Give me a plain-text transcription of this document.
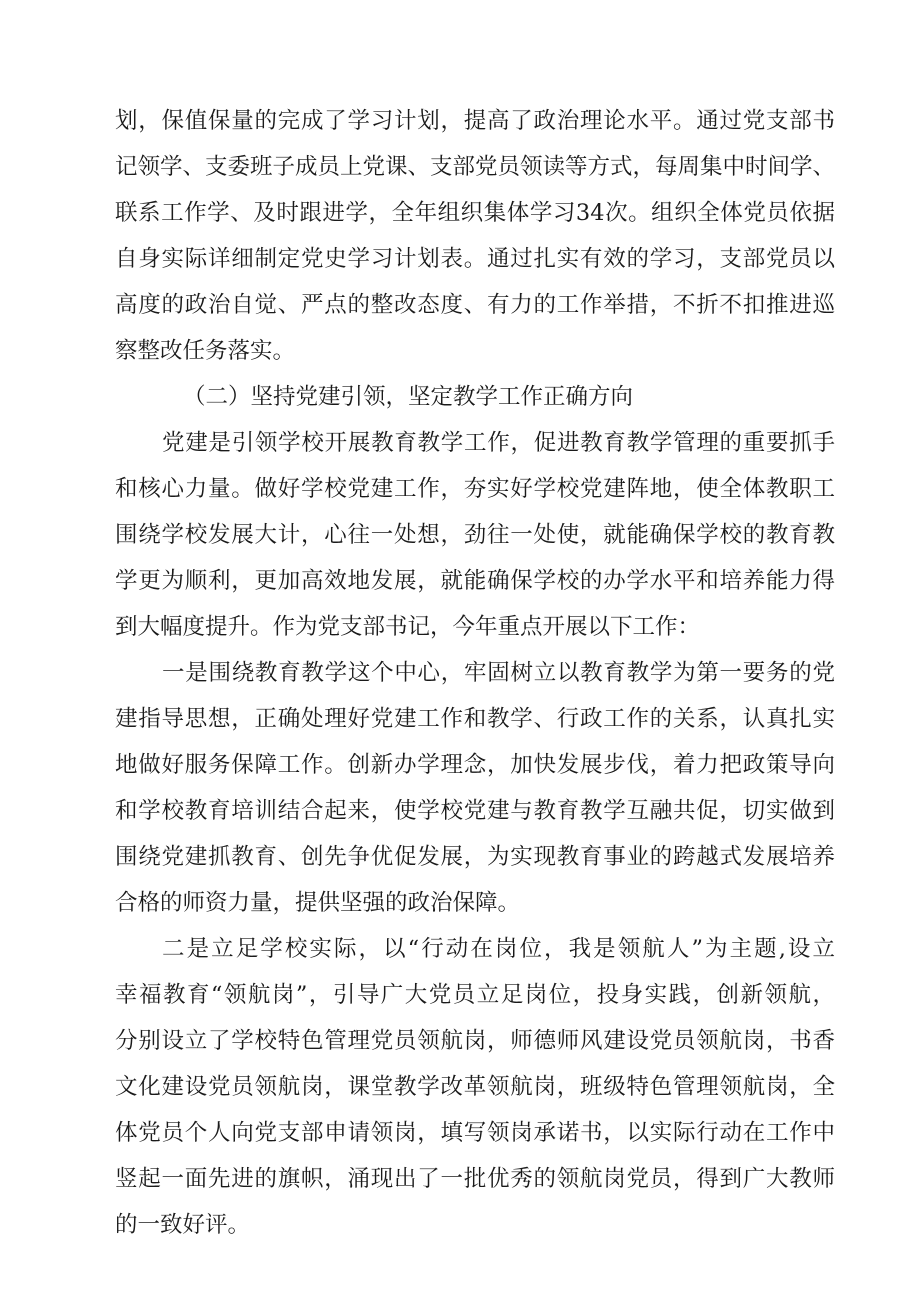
划，保值保量的完成了学习计划，提高了政治理论水平。通过党支部书
记领学、支委班子成员上党课、支部党员领读等方式，每周集中时间学、
联系工作学、及时跟进学，全年组织集体学习34次。组织全体党员依据
自身实际详细制定党史学习计划表。通过扎实有效的学习，支部党员以
高度的政治自觉、严点的整改态度、有力的工作举措，不折不扣推进巡
察整改任务落实。
（二）坚持党建引领，坚定教学工作正确方向
党建是引领学校开展教育教学工作，促进教育教学管理的重要抓手
和核心力量。做好学校党建工作，夯实好学校党建阵地，使全体教职工
围绕学校发展大计，心往一处想，劲往一处使，就能确保学校的教育教
学更为顺利，更加高效地发展，就能确保学校的办学水平和培养能力得
到大幅度提升。作为党支部书记，今年重点开展以下工作：
一是围绕教育教学这个中心，牢固树立以教育教学为第一要务的党
建指导思想，正确处理好党建工作和教学、行政工作的关系，认真扎实
地做好服务保障工作。创新办学理念，加快发展步伐，着力把政策导向
和学校教育培训结合起来，使学校党建与教育教学互融共促，切实做到
围绕党建抓教育、创先争优促发展，为实现教育事业的跨越式发展培养
合格的师资力量，提供坚强的政治保障。
二是立足学校实际，以“行动在岗位，我是领航人”为主题,设立
幸福教育“领航岗”，引导广大党员立足岗位，投身实践，创新领航，
分别设立了学校特色管理党员领航岗，师德师风建设党员领航岗，书香
文化建设党员领航岗，课堂教学改革领航岗，班级特色管理领航岗，全
体党员个人向党支部申请领岗，填写领岗承诺书，以实际行动在工作中
竖起一面先进的旗帜，涌现出了一批优秀的领航岗党员，得到广大教师
的一致好评。
